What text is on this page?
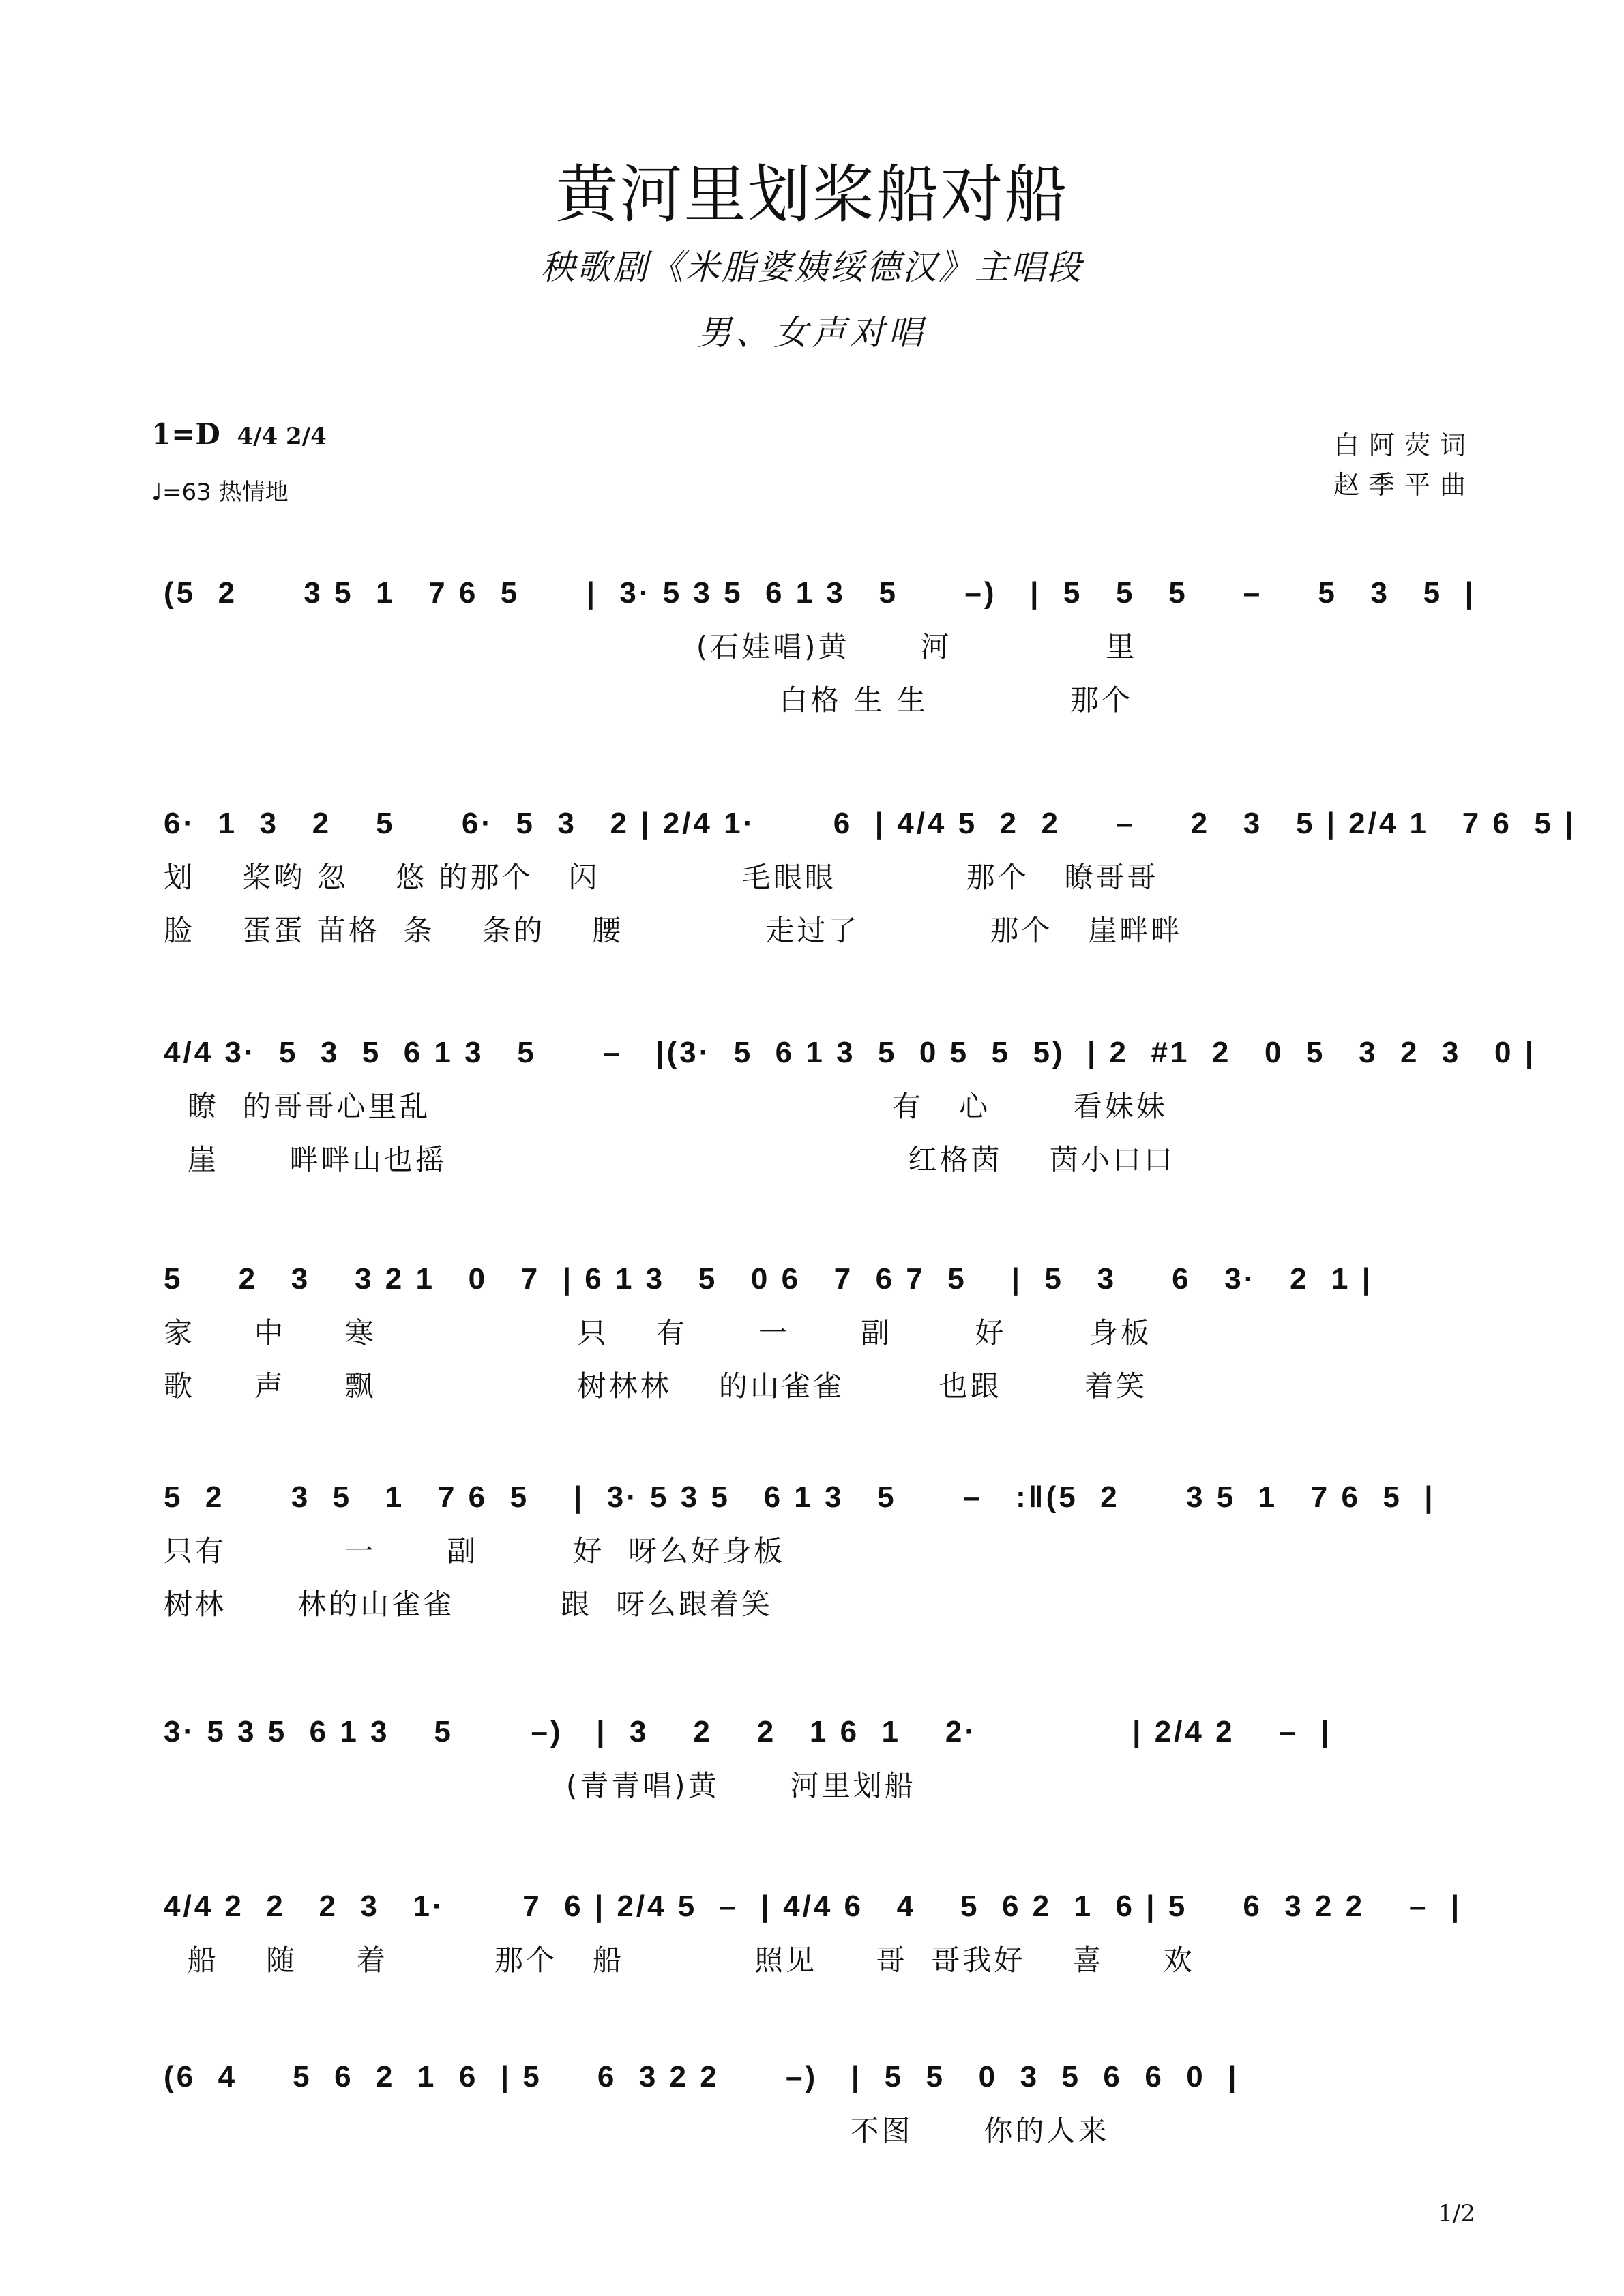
黄河里划桨船对船
秧歌剧《米脂婆姨绥德汉》主唱段
男、女声对唱
1=D 4/4 2/4
♩=63 热情地
白阿荧词
赵季平曲
(5  2      3 5  1   7 6  5      |  3· 5 3 5  6 1 3   5      –)   |  5   5   5     –     5   3   5  |
(石娃唱)黄      河             里
白格 生 生            那个
6·  1  3   2    5      6·  5  3   2 | 2/4 1·       6  | 4/4 5  2  2     –     2   3   5 | 2/4 1   7 6  5 |
划    桨哟 忽    悠 的那个   闪            毛眼眼           那个   瞭哥哥
脸    蛋蛋 苗格  条    条的    腰            走过了           那个   崖畔畔
4/4 3·  5  3  5  6 1 3   5      –   |(3·  5  6 1 3  5  0 5  5  5)  | 2  #1  2   0  5   3  2  3   0 |
瞭  的哥哥心里乱                                       有   心       看妹妹
崖      畔畔山也摇                                       红格茵    茵小口口
5     2   3    3 2 1   0   7  | 6 1 3   5   0 6   7  6 7  5    |  5   3     6   3·   2  1 |
家     中     寒                 只    有      一      副       好       身板
歌     声     飘                 树林林    的山雀雀        也跟       着笑
5  2      3  5   1   7 6  5    |  3· 5 3 5   6 1 3   5      –   :‖(5  2      3 5  1   7 6  5  |
只有          一      副        好  呀么好身板
树林      林的山雀雀         跟  呀么跟着笑
3· 5 3 5  6 1 3    5       –)   |  3    2    2   1 6  1    2·              | 2/4 2    –  |
(青青唱)黄      河里划船
4/4 2  2   2  3   1·       7  6 | 2/4 5  –  | 4/4 6   4    5  6 2  1  6 | 5     6  3 2 2    –  |
船    随     着         那个   船           照见     哥  哥我好    喜     欢
(6  4     5  6  2  1  6  | 5     6  3 2 2      –)   |  5  5   0  3  5  6  6  0  |
不图      你的人来
1/2
